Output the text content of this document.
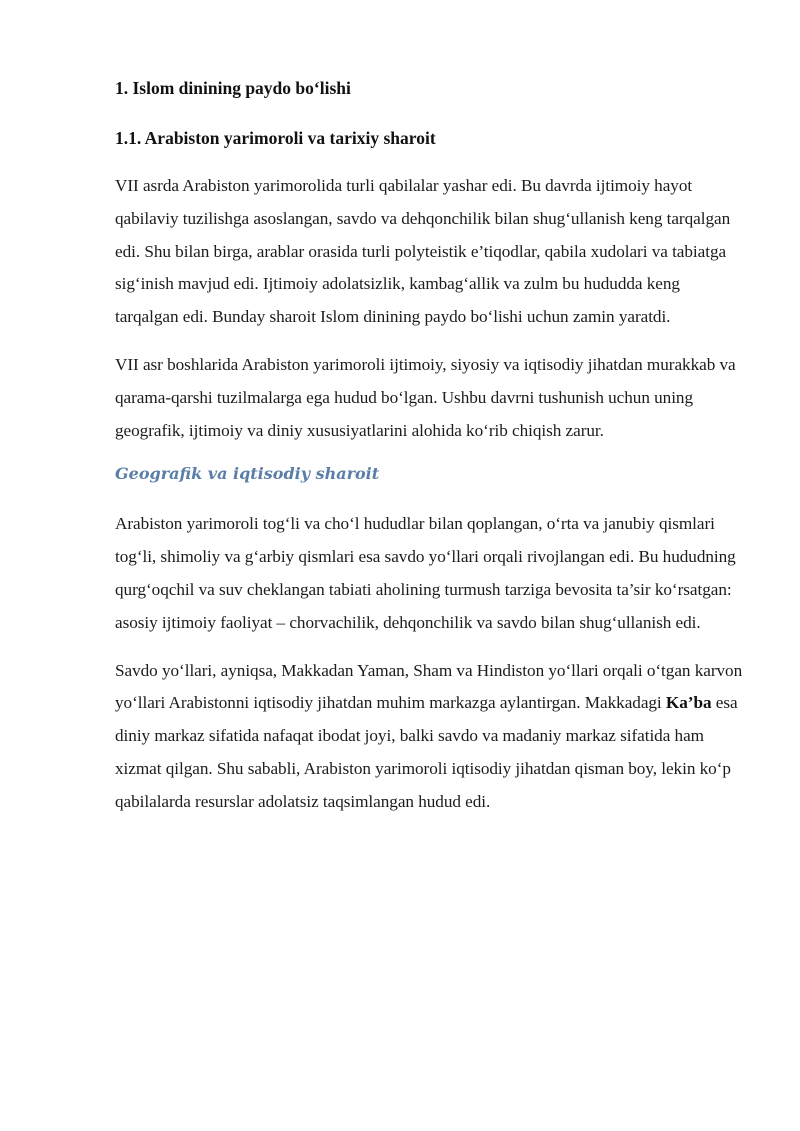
1. Islom dinining paydo bo‘lishi
1.1. Arabiston yarimoroli va tarixiy sharoit

VII asrda Arabiston yarimorolida turli qabilalar yashar edi. Bu davrda ijtimoiy hayot qabilaviy tuzilishga asoslangan, savdo va dehqonchilik bilan shug‘ullanish keng tarqalgan edi. Shu bilan birga, arablar orasida turli polyteistik e’tiqodlar, qabila xudolari va tabiatga sig‘inish mavjud edi. Ijtimoiy adolatsizlik, kambag‘allik va zulm bu hududda keng tarqalgan edi. Bunday sharoit Islom dinining paydo bo‘lishi uchun zamin yaratdi.

VII asr boshlarida Arabiston yarimoroli ijtimoiy, siyosiy va iqtisodiy jihatdan murakkab va qarama-qarshi tuzilmalarga ega hudud bo‘lgan. Ushbu davrni tushunish uchun uning geografik, ijtimoiy va diniy xususiyatlarini alohida ko‘rib chiqish zarur.

Geografik va iqtisodiy sharoit

Arabiston yarimoroli tog‘li va cho‘l hududlar bilan qoplangan, o‘rta va janubiy qismlari tog‘li, shimoliy va g‘arbiy qismlari esa savdo yo‘llari orqali rivojlangan edi. Bu hududning qurg‘oqchil va suv cheklangan tabiati aholining turmush tarziga bevosita ta’sir ko‘rsatgan: asosiy ijtimoiy faoliyat – chorvachilik, dehqonchilik va savdo bilan shug‘ullanish edi.

Savdo yo‘llari, ayniqsa, Makkadan Yaman, Sham va Hindiston yo‘llari orqali o‘tgan karvon yo‘llari Arabistonni iqtisodiy jihatdan muhim markazga aylantirgan. Makkadagi Ka’ba esa diniy markaz sifatida nafaqat ibodat joyi, balki savdo va madaniy markaz sifatida ham xizmat qilgan. Shu sababli, Arabiston yarimoroli iqtisodiy jihatdan qisman boy, lekin ko‘p qabilalarda resurslar adolatsiz taqsimlangan hudud edi.
